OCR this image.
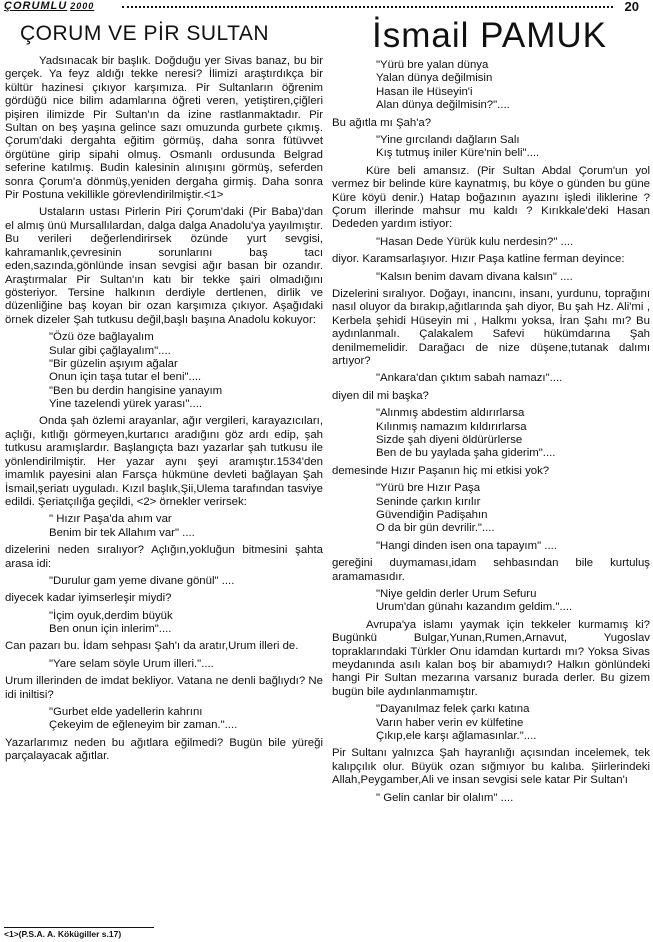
ÇORUMLU 2000	20
ÇORUM VE PİR SULTAN	İsmail PAMUK

Yadsınacak bir başlık. Doğduğu yer Sivas banaz, bu bir gerçek. Ya feyz aldığı tekke neresi? İlimizi araştırdıkça bir kültür hazinesi çıkıyor karşımıza. Pir Sultanların öğrenim gördüğü nice bilim adamlarına öğreti veren, yetiştiren,çiğleri pişiren ilimizde Pir Sultan'ın da izine rastlanmaktadır. Pir Sultan on beş yaşına gelince sazı omuzunda gurbete çıkmış. Çorum'daki dergahta eğitim görmüş, daha sonra fütüvvet örgütüne girip sipahi olmuş. Osmanlı ordusunda Belgrad seferine katılmış. Budin kalesinin alınışını görmüş, seferden sonra Çorum'a dönmüş,yeniden dergaha girmiş. Daha sonra Pir Postuna vekillikle görevlendirilmiştir.<1>

Ustaların ustası Pirlerin Piri Çorum'daki (Pir Baba)'dan el almış ünü Mursallılardan, dalga dalga Anadolu'ya yayılmıştır. Bu verileri değerlendirirsek özünde yurt sevgisi, kahramanlık,çevresinin sorunlarını baş tacı eden,sazında,gönlünde insan sevgisi ağır basan bir ozandır. Araştırmalar Pir Sultan'ın katı bir tekke şairi olmadığını gösteriyor. Tersine halkının derdiyle dertlenen, dirlik ve düzenliğine baş koyan bir ozan karşımıza çıkıyor. Aşağıdaki örnek dizeler Şah tutkusu değil,başlı başına Anadolu kokuyor:

"Özü öze bağlayalım
Sular gibi çağlayalım"....
"Bir güzelin aşıyım ağalar
Onun için taşa tutar el beni"....
"Ben bu derdin hangisine yanayım
Yine tazelendi yürek yarası"....

Onda şah özlemi arayanlar, ağır vergileri, karayazıcıları, açlığı, kıtlığı görmeyen,kurtarıcı aradığını göz ardı edip, şah tutkusu aramışlardır. Başlangıçta bazı yazarlar şah tutkusu ile yönlendirilmiştir. Her yazar aynı şeyi aramıştır.1534'den imamlık payesini alan Farsça hükmüne devleti bağlayan Şah İsmail,şeriatı uyguladı. Kızıl başlık,Şii,Ulema tarafından tasviye edildi. Şeriatçılığa geçildi, <2> örnekler verirsek:

" Hızır Paşa'da ahım var
Benim bir tek Allahım var" ....

dizelerini neden sıralıyor? Açlığın,yokluğun bitmesini şahta arasa idi:

"Durulur gam yeme divane gönül" ....

diyecek kadar iyimserleşir miydi?

"İçim oyuk,derdim büyük
Ben onun için inlerim"....

Can pazarı bu. İdam sehpası Şah'ı da aratır,Urum illeri de.

"Yare selam söyle Urum illeri."....

Urum illerinden de imdat bekliyor. Vatana ne denli bağlıydı? Ne idi iniltisi?

"Gurbet elde yadellerin kahrını
Çekeyim de eğleneyim bir zaman."....

Yazarlarımız neden bu ağıtlara eğilmedi? Bugün bile yüreği parçalayacak ağıtlar.

<1>(P.S.A. A. Kökügiller s.17)
"Yürü bre yalan dünya
Yalan dünya değilmisin
Hasan ile Hüseyin'i
Alan dünya değilmisin?"....

Bu ağıtla mı Şah'a?

"Yine gırcılandı dağların Salı
Kış tutmuş iniler Küre'nin beli"....

Küre beli amansız. (Pir Sultan Abdal Çorum'un yol vermez bir belinde küre kaynatmış, bu köye o günden bu güne Küre köyü denir.) Hatap boğazının ayazını işledi iliklerine ? Çorum illerinde mahsur mu kaldı ? Kırıkkale'deki Hasan Dededen yardım istiyor:

"Hasan Dede Yürük kulu nerdesin?" ....

diyor. Karamsarlaşıyor. Hızır Paşa katline ferman deyince:

"Kalsın benim davam divana kalsın" ....

Dizelerini sıralıyor. Doğayı, inancını, insanı, yurdunu, toprağını nasıl oluyor da bırakıp,ağıtlarında şah diyor, Bu şah Hz. Ali'mi , Kerbela şehidi Hüseyin mi , Halkmı yoksa, İran Şahı mı? Bu aydınlanmalı. Çalakalem Safevi hükümdarına Şah denilmemelidir. Darağacı de nize düşene,tutanak dalımı artıyor?

"Ankara'dan çıktım sabah namazı"....

diyen dil mi başka?

"Alınmış abdestim aldırırlarsa
Kılınmış namazım kıldırırlarsa
Sizde şah diyeni öldürürlerse
Ben de bu yaylada şaha giderim"....

demesinde Hızır Paşanın hiç mi etkisi yok?

"Yürü bre Hızır Paşa
Seninde çarkın kırılır
Güvendiğin Padişahın
O da bir gün devrilir."....
"Hangi dinden isen ona tapayım" ....

gereğini duymaması,idam sehbasından bile kurtuluş aramamasıdır.

"Niye geldin derler Urum Sefuru
Urum'dan günahı kazandım geldim."....

Avrupa'ya islamı yaymak için tekkeler kurmamış ki? Bugünkü Bulgar,Yunan,Rumen,Arnavut, Yugoslav topraklarındaki Türkler Onu idamdan kurtardı mı? Yoksa Sivas meydanında asılı kalan boş bir abamıydı? Halkın gönlündeki hangi Pir Sultan mezarına varsanız burada derler. Bu gizem bugün bile aydınlanmamıştır.

"Dayanılmaz felek çarkı katına
Varın haber verin ev külfetine
Çıkıp,ele karşı ağlamasınlar."....

Pir Sultanı yalnızca Şah hayranlığı açısından incelemek, tek kalıpçılık olur. Büyük ozan sığmıyor bu kalıba. Şiirlerindeki Allah,Peygamber,Ali ve insan sevgisi sele katar Pir Sultan'ı

" Gelin canlar bir olalım" ....
